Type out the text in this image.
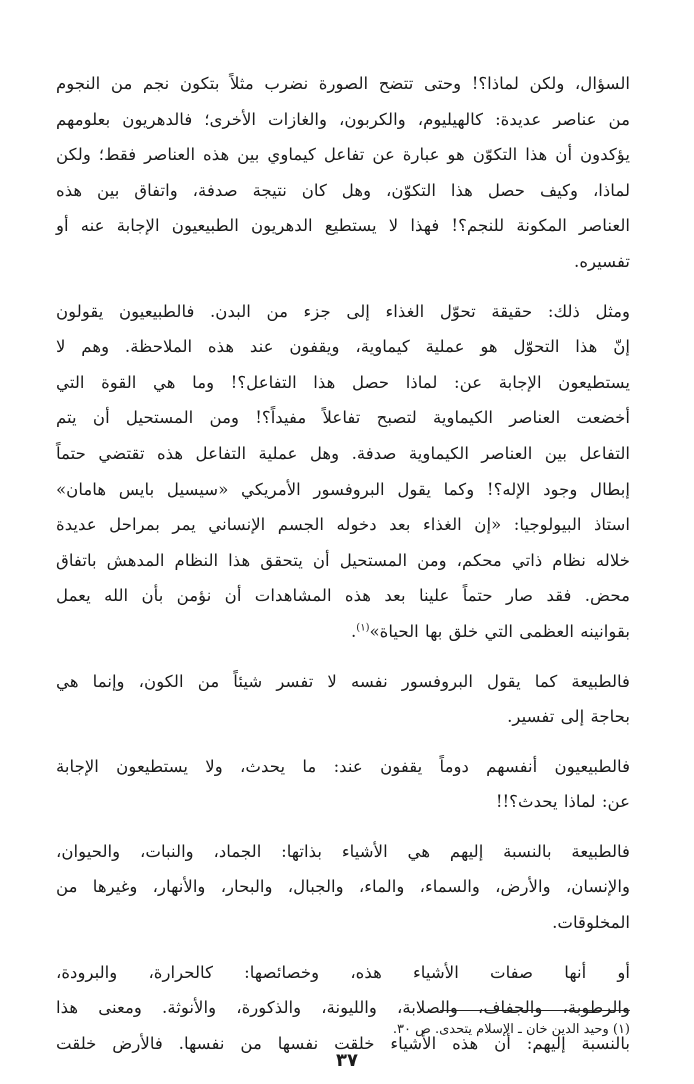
السؤال، ولكن لماذا؟! وحتى تتضح الصورة نضرب مثلاً بتكون نجم من النجوم
من عناصر عديدة: كالهيليوم، والكربون، والغازات الأخرى؛ فالدهريون بعلومهم
يؤكدون أن هذا التكوّن هو عبارة عن تفاعل كيماوي بين هذه العناصر فقط؛ ولكن
لماذا، وكيف حصل هذا التكوّن، وهل كان نتيجة صدفة، واتفاق بين هذه
العناصر المكونة للنجم؟! فهذا لا يستطيع الدهريون الطبيعيون الإجابة عنه أو
تفسيره.

ومثل ذلك: حقيقة تحوّل الغذاء إلى جزء من البدن. فالطبيعيون يقولون
إنّ هذا التحوّل هو عملية كيماوية، ويقفون عند هذه الملاحظة. وهم لا
يستطيعون الإجابة عن: لماذا حصل هذا التفاعل؟! وما هي القوة التي
أخضعت العناصر الكيماوية لتصبح تفاعلاً مفيداً؟! ومن المستحيل أن يتم
التفاعل بين العناصر الكيماوية صدفة. وهل عملية التفاعل هذه تقتضي حتماً
إبطال وجود الإله؟! وكما يقول البروفسور الأمريكي «سيسيل بايس هامان»
استاذ البيولوجيا: «إن الغذاء بعد دخوله الجسم الإنساني يمر بمراحل عديدة
خلاله نظام ذاتي محكم، ومن المستحيل أن يتحقق هذا النظام المدهش باتفاق
محض. فقد صار حتماً علينا بعد هذه المشاهدات أن نؤمن بأن الله يعمل
بقوانينه العظمى التي خلق بها الحياة»$^{(١)}$.

فالطبيعة كما يقول البروفسور نفسه لا تفسر شيئاً من الكون، وإنما هي
بحاجة إلى تفسير.

فالطبيعيون أنفسهم دوماً يقفون عند: ما يحدث، ولا يستطيعون الإجابة
عن: لماذا يحدث؟!!

فالطبيعة بالنسبة إليهم هي الأشياء بذاتها: الجماد، والنبات، والحيوان،
والإنسان، والأرض، والسماء، والماء، والجبال، والبحار، والأنهار، وغيرها من
المخلوقات.

أو أنها صفات الأشياء هذه، وخصائصها: كالحرارة، والبرودة،
والرطوبة، والجفاف، والصلابة، والليونة، والذكورة، والأنوثة. ومعنى هذا
بالنسبة إليهم: أن هذه الأشياء خلقت نفسها من نفسها. فالأرض خلقت

(١) وحيد الدين خان ـ الإسلام يتحدى. ص ٣٠.
٣٧
